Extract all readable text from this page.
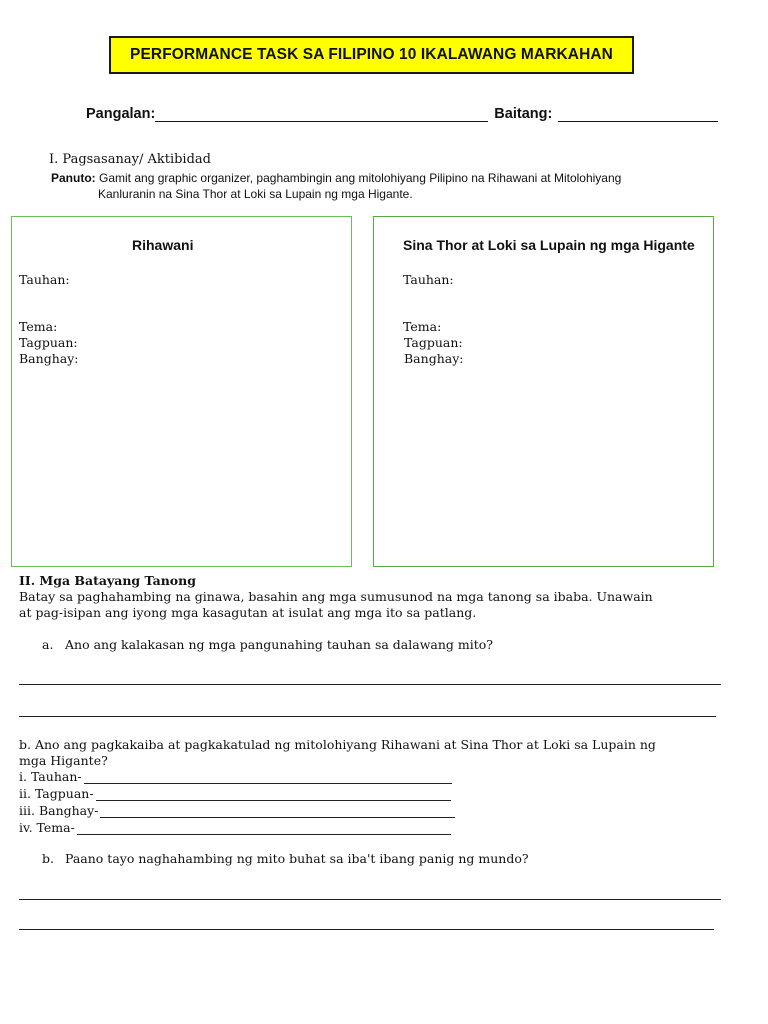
PERFORMANCE TASK SA FILIPINO 10 IKALAWANG MARKAHAN
Pangalan:	Baitang:
I. Pagsasanay/ Aktibidad
Panuto: Gamit ang graphic organizer, paghambingin ang mitolohiyang Pilipino na Rihawani at Mitolohiyang
Kanluranin na Sina Thor at Loki sa Lupain ng mga Higante.
Rihawani
Tauhan:
Tema:
Tagpuan:
Banghay:
Sina Thor at Loki sa Lupain ng mga Higante
Tauhan:
Tema:
Tagpuan:
Banghay:
II. Mga Batayang Tanong
Batay sa paghahambing na ginawa, basahin ang mga sumusunod na mga tanong sa ibaba. Unawain
at pag-isipan ang iyong mga kasagutan at isulat ang mga ito sa patlang.
a. Ano ang kalakasan ng mga pangunahing tauhan sa dalawang mito?
b. Ano ang pagkakaiba at pagkakatulad ng mitolohiyang Rihawani at Sina Thor at Loki sa Lupain ng
mga Higante?
i. Tauhan-
ii. Tagpuan-
iii. Banghay-
iv. Tema-
b. Paano tayo naghahambing ng mito buhat sa iba't ibang panig ng mundo?
